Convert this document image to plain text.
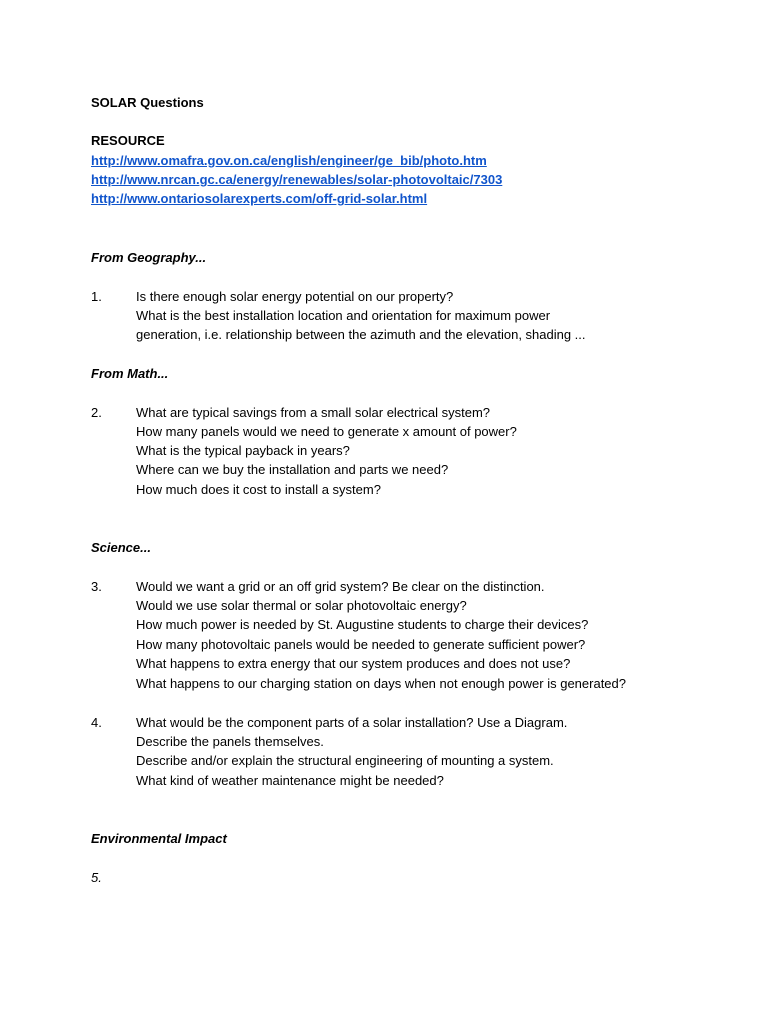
SOLAR Questions

RESOURCE

http://www.omafra.gov.on.ca/english/engineer/ge_bib/photo.htm

http://www.nrcan.gc.ca/energy/renewables/solar-photovoltaic/7303

http://www.ontariosolarexperts.com/off-grid-solar.html

From Geography...

1.	Is there enough solar energy potential on our property?
What is the best installation location and orientation for maximum power
generation, i.e. relationship between the azimuth and the elevation, shading ...

From Math...

2.	What are typical savings from a small solar electrical system?
How many panels would we need to generate x amount of power?
What is the typical payback in years?
Where can we buy the installation and parts we need?
How much does it cost to install a system?

Science...

3.	Would we want a grid or an off grid system? Be clear on the distinction.
Would we use solar thermal or solar photovoltaic energy?
How much power is needed by St. Augustine students to charge their devices?
How many photovoltaic panels would be needed to generate sufficient power?
What happens to extra energy that our system produces and does not use?
What happens to our charging station on days when not enough power is generated?
4.	What would be the component parts of a solar installation? Use a Diagram.
Describe the panels themselves.
Describe and/or explain the structural engineering of mounting a system.
What kind of weather maintenance might be needed?

Environmental Impact

5.
